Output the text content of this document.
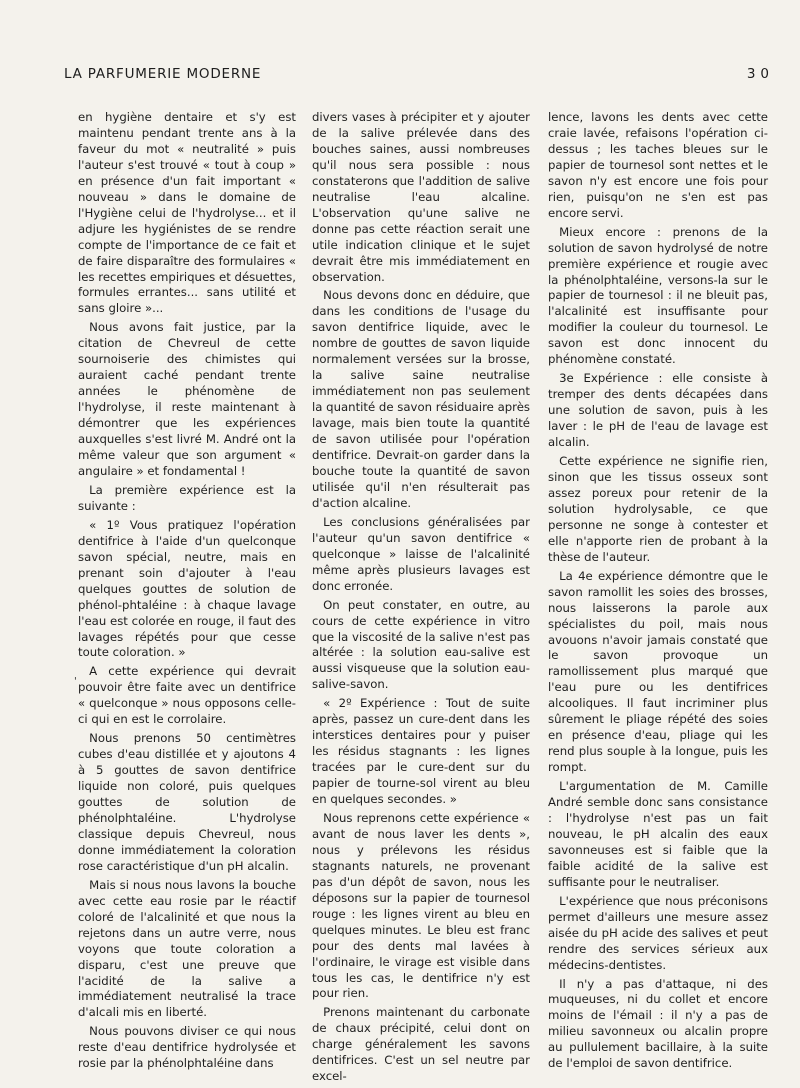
LA PARFUMERIE MODERNE	30
'

en hygiène dentaire et s'y est maintenu pendant trente ans à la faveur du mot « neutralité » puis l'auteur s'est trouvé « tout à coup » en présence d'un fait important « nouveau » dans le domaine de l'Hygiène celui de l'hydrolyse... et il adjure les hygiénistes de se rendre compte de l'importance de ce fait et de faire disparaître des formulaires « les recettes empiriques et désuettes, formules errantes... sans utilité et sans gloire »...

Nous avons fait justice, par la citation de Chevreul de cette sournoiserie des chimistes qui auraient caché pendant trente années le phénomène de l'hydrolyse, il reste maintenant à démontrer que les expériences auxquelles s'est livré M. André ont la même valeur que son argument « angulaire » et fondamental !

La première expérience est la suivante :

« 1º Vous pratiquez l'opération dentifrice à l'aide d'un quelconque savon spécial, neutre, mais en prenant soin d'ajouter à l'eau quelques gouttes de solution de phénol-phtaléine : à chaque lavage l'eau est colorée en rouge, il faut des lavages répétés pour que cesse toute coloration. »

A cette expérience qui devrait pouvoir être faite avec un dentifrice « quelconque » nous opposons celle-ci qui en est le corrolaire.

Nous prenons 50 centimètres cubes d'eau distillée et y ajoutons 4 à 5 gouttes de savon dentifrice liquide non coloré, puis quelques gouttes de solution de phénolphtaléine. L'hydrolyse classique depuis Chevreul, nous donne immédiatement la coloration rose caractéristique d'un pH alcalin.

Mais si nous nous lavons la bouche avec cette eau rosie par le réactif coloré de l'alcalinité et que nous la rejetons dans un autre verre, nous voyons que toute coloration a disparu, c'est une preuve que l'acidité de la salive a immédiatement neutralisé la trace d'alcali mis en liberté.

Nous pouvons diviser ce qui nous reste d'eau dentifrice hydrolysée et rosie par la phénolphtaléine dans

divers vases à précipiter et y ajouter de la salive prélevée dans des bouches saines, aussi nombreuses qu'il nous sera possible : nous constaterons que l'addition de salive neutralise l'eau alcaline. L'observation qu'une salive ne donne pas cette réaction serait une utile indication clinique et le sujet devrait être mis immédiatement en observation.

Nous devons donc en déduire, que dans les conditions de l'usage du savon dentifrice liquide, avec le nombre de gouttes de savon liquide normalement versées sur la brosse, la salive saine neutralise immédiatement non pas seulement la quantité de savon résiduaire après lavage, mais bien toute la quantité de savon utilisée pour l'opération dentifrice. Devrait-on garder dans la bouche toute la quantité de savon utilisée qu'il n'en résulterait pas d'action alcaline.

Les conclusions généralisées par l'auteur qu'un savon dentifrice « quelconque » laisse de l'alcalinité même après plusieurs lavages est donc erronée.

On peut constater, en outre, au cours de cette expérience in vitro que la viscosité de la salive n'est pas altérée : la solution eau-salive est aussi visqueuse que la solution eau-salive-savon.

« 2º Expérience : Tout de suite après, passez un cure-dent dans les interstices dentaires pour y puiser les résidus stagnants : les lignes tracées par le cure-dent sur du papier de tourne-sol virent au bleu en quelques secondes. »

Nous reprenons cette expérience « avant de nous laver les dents », nous y prélevons les résidus stagnants naturels, ne provenant pas d'un dépôt de savon, nous les déposons sur la papier de tournesol rouge : les lignes virent au bleu en quelques minutes. Le bleu est franc pour des dents mal lavées à l'ordinaire, le virage est visible dans tous les cas, le dentifrice n'y est pour rien.

Prenons maintenant du carbonate de chaux précipité, celui dont on charge généralement les savons dentifrices. C'est un sel neutre par excel-

lence, lavons les dents avec cette craie lavée, refaisons l'opération ci-dessus ; les taches bleues sur le papier de tournesol sont nettes et le savon n'y est encore une fois pour rien, puisqu'on ne s'en est pas encore servi.

Mieux encore : prenons de la solution de savon hydrolysé de notre première expérience et rougie avec la phénolphtaléine, versons-la sur le papier de tournesol : il ne bleuit pas, l'alcalinité est insuffisante pour modifier la couleur du tournesol. Le savon est donc innocent du phénomène constaté.

3e Expérience : elle consiste à tremper des dents décapées dans une solution de savon, puis à les laver : le pH de l'eau de lavage est alcalin.

Cette expérience ne signifie rien, sinon que les tissus osseux sont assez poreux pour retenir de la solution hydrolysable, ce que personne ne songe à contester et elle n'apporte rien de probant à la thèse de l'auteur.

La 4e expérience démontre que le savon ramollit les soies des brosses, nous laisserons la parole aux spécialistes du poil, mais nous avouons n'avoir jamais constaté que le savon provoque un ramollissement plus marqué que l'eau pure ou les dentifrices alcooliques. Il faut incriminer plus sûrement le pliage répété des soies en présence d'eau, pliage qui les rend plus souple à la longue, puis les rompt.

L'argumentation de M. Camille André semble donc sans consistance : l'hydrolyse n'est pas un fait nouveau, le pH alcalin des eaux savonneuses est si faible que la faible acidité de la salive est suffisante pour le neutraliser.

L'expérience que nous préconisons permet d'ailleurs une mesure assez aisée du pH acide des salives et peut rendre des services sérieux aux médecins-dentistes.

Il n'y a pas d'attaque, ni des muqueuses, ni du collet et encore moins de l'émail : il n'y a pas de milieu savonneux ou alcalin propre au pullulement bacillaire, à la suite de l'emploi de savon dentifrice.
